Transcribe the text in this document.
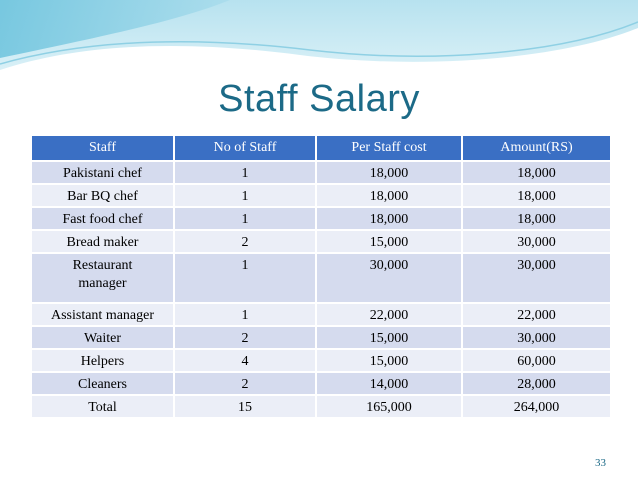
Staff Salary
Staff	No of Staff	Per Staff cost	Amount(RS)
Pakistani chef	1	18,000	18,000
Bar BQ chef	1	18,000	18,000
Fast food chef	1	18,000	18,000
Bread maker	2	15,000	30,000
Restaurant manager	1	30,000	30,000
Assistant manager	1	22,000	22,000
Waiter	2	15,000	30,000
Helpers	4	15,000	60,000
Cleaners	2	14,000	28,000
Total	15	165,000	264,000
33
